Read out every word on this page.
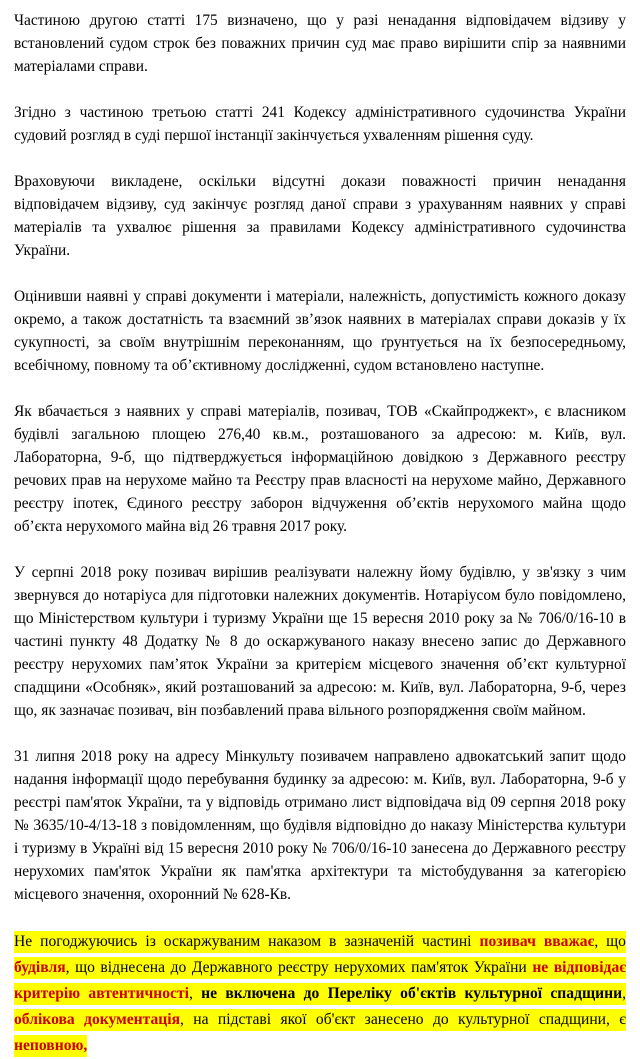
Частиною другою статті 175 визначено, що у разі ненадання відповідачем відзиву у встановлений судом строк без поважних причин суд має право вирішити спір за наявними матеріалами справи.

Згідно з частиною третьою статті 241 Кодексу адміністративного судочинства України судовий розгляд в суді першої інстанції закінчується ухваленням рішення суду.

Враховуючи викладене, оскільки відсутні докази поважності причин ненадання відповідачем відзиву, суд закінчує розгляд даної справи з урахуванням наявних у справі матеріалів та ухвалює рішення за правилами Кодексу адміністративного судочинства України.

Оцінивши наявні у справі документи і матеріали, належність, допустимість кожного доказу окремо, а також достатність та взаємний зв’язок наявних в матеріалах справи доказів у їх сукупності, за своїм внутрішнім переконанням, що ґрунтується на їх безпосередньому, всебічному, повному та об’єктивному дослідженні, судом встановлено наступне.

Як вбачається з наявних у справі матеріалів, позивач, ТОВ «Скайпроджект», є власником будівлі загальною площею 276,40 кв.м., розташованого за адресою: м. Київ, вул. Лабораторна, 9-б, що підтверджується інформаційною довідкою з Державного реєстру речових прав на нерухоме майно та Реєстру прав власності на нерухоме майно, Державного реєстру іпотек, Єдиного реєстру заборон відчуження об’єктів нерухомого майна щодо об’єкта нерухомого майна від 26 травня 2017 року.

У серпні 2018 року позивач вирішив реалізувати належну йому будівлю, у зв'язку з чим звернувся до нотаріуса для підготовки належних документів. Нотаріусом було повідомлено, що Міністерством культури і туризму України ще 15 вересня 2010 року за № 706/0/16-10 в частині пункту 48 Додатку № 8 до оскаржуваного наказу внесено запис до Державного реєстру нерухомих пам’яток України за критерієм місцевого значення об’єкт культурної спадщини «Особняк», який розташований за адресою: м. Київ, вул. Лабораторна, 9-б, через що, як зазначає позивач, він позбавлений права вільного розпорядження своїм майном.

31 липня 2018 року на адресу Мінкульту позивачем направлено адвокатський запит щодо надання інформації щодо перебування будинку за адресою: м. Київ, вул. Лабораторна, 9-б у реєстрі пам'яток України, та у відповідь отримано лист відповідача від 09 серпня 2018 року № 3635/10-4/13-18 з повідомленням, що будівля відповідно до наказу Міністерства культури і туризму в Україні від 15 вересня 2010 року № 706/0/16-10 занесена до Державного реєстру нерухомих пам'яток України як пам'ятка архітектури та містобудування за категорією місцевого значення, охоронний № 628-Кв.

Не погоджуючись із оскаржуваним наказом в зазначеній частині позивач вважає, що будівля, що віднесена до Державного реєстру нерухомих пам'яток України не відповідає критерію автентичності, не включена до Переліку об'єктів культурної спадщини, облікова документація, на підставі якої об'єкт занесено до культурної спадщини, є неповною,
